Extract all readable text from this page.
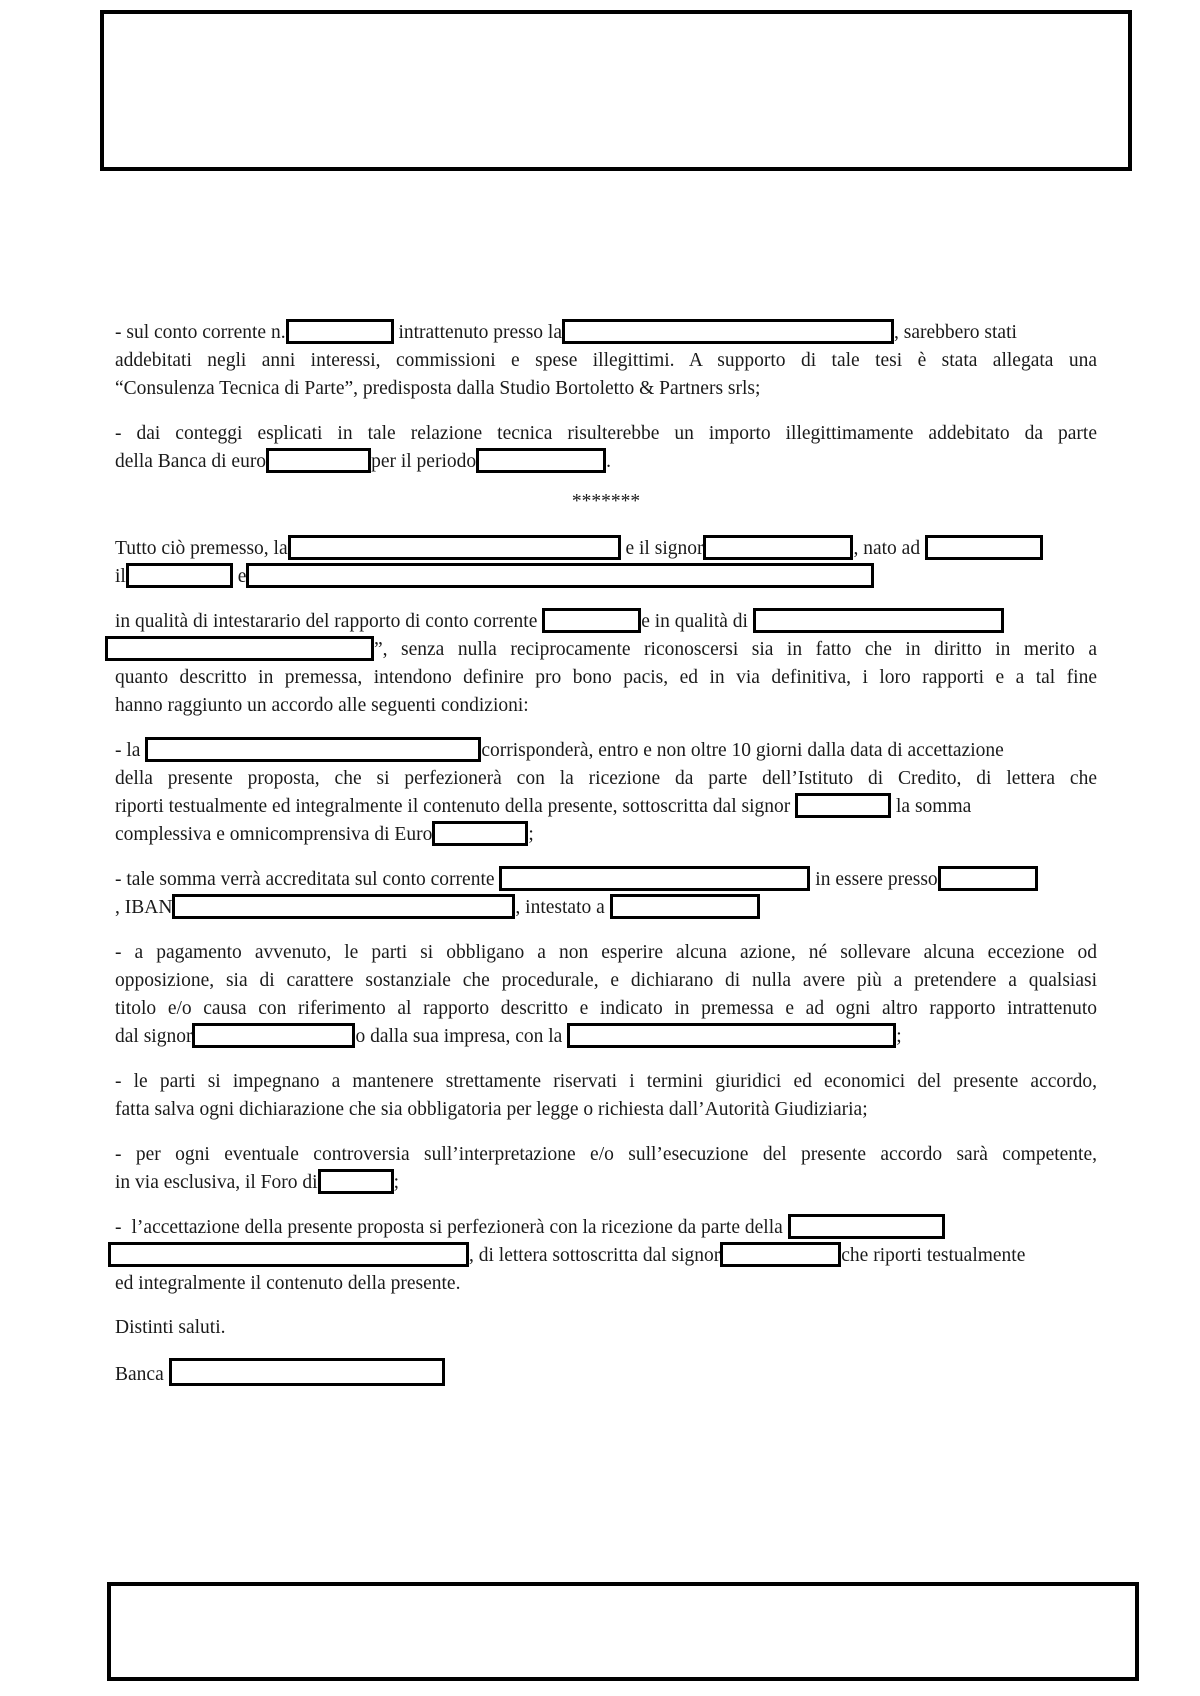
- sul conto corrente n.	intrattenuto presso la	, sarebbero stati
addebitati negli anni interessi, commissioni e spese illegittimi. A supporto di tale tesi è stata allegata una
“Consulenza Tecnica di Parte”, predisposta dalla Studio Bortoletto & Partners srls;
- dai conteggi esplicati in tale relazione tecnica risulterebbe un importo illegittimamente addebitato da parte
della Banca di euro	per il periodo	.
*******
Tutto ciò premesso, la	e il signor	, nato ad
il	e
in qualità di intestarario del rapporto di conto corrente	e in qualità di
”, senza nulla reciprocamente riconoscersi sia in fatto che in diritto in merito a
quanto descritto in premessa, intendono definire pro bono pacis, ed in via definitiva, i loro rapporti e a tal fine
hanno raggiunto un accordo alle seguenti condizioni:
- la	corrisponderà, entro e non oltre 10 giorni dalla data di accettazione
della presente proposta, che si perfezionerà con la ricezione da parte dell’Istituto di Credito, di lettera che
riporti testualmente ed integralmente il contenuto della presente, sottoscritta dal signor	la somma
complessiva e omnicomprensiva di Euro	;
- tale somma verrà accreditata sul conto corrente	in essere presso
, IBAN	, intestato a
- a pagamento avvenuto, le parti si obbligano a non esperire alcuna azione, né sollevare alcuna eccezione od
opposizione, sia di carattere sostanziale che procedurale, e dichiarano di nulla avere più a pretendere a qualsiasi
titolo e/o causa con riferimento al rapporto descritto e indicato in premessa e ad ogni altro rapporto intrattenuto
dal signor	o dalla sua impresa, con la	;
- le parti si impegnano a mantenere strettamente riservati i termini giuridici ed economici del presente accordo,
fatta salva ogni dichiarazione che sia obbligatoria per legge o richiesta dall’Autorità Giudiziaria;
- per ogni eventuale controversia sull’interpretazione e/o sull’esecuzione del presente accordo sarà competente,
in via esclusiva, il Foro di	;
- l’accettazione della presente proposta si perfezionerà con la ricezione da parte della
, di lettera sottoscritta dal signor	che riporti testualmente
ed integralmente il contenuto della presente.
Distinti saluti.
Banca
